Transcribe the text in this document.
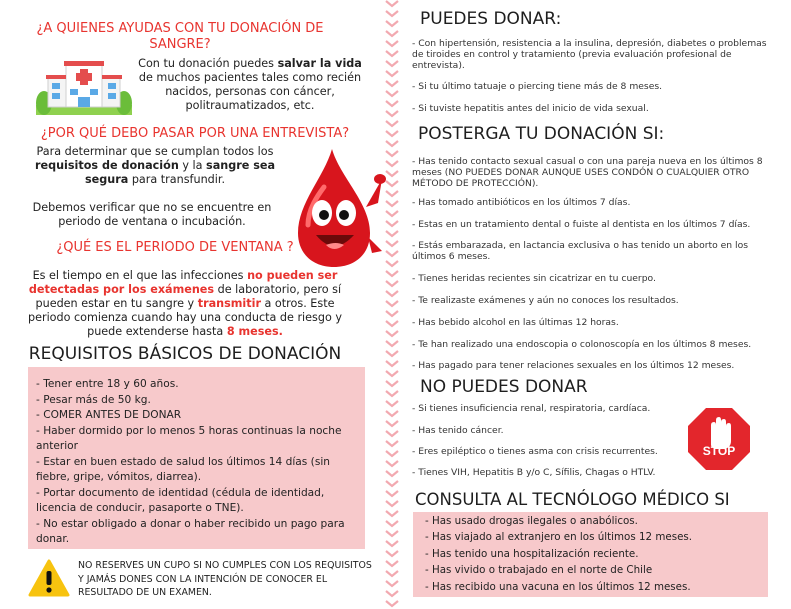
¿A QUIENES AYUDAS CON TU DONACIÓN DE SANGRE?
Con tu donación puedes salvar la vida de muchos pacientes tales como recién nacidos, personas con cáncer, politraumatizados, etc.
¿POR QUÉ DEBO PASAR POR UNA ENTREVISTA?
Para determinar que se cumplan todos los requisitos de donación y la sangre sea segura para transfundir.
Debemos verificar que no se encuentre en periodo de ventana o incubación.
¿QUÉ ES EL PERIODO DE VENTANA ?
Es el tiempo en el que las infecciones no pueden ser detectadas por los exámenes de laboratorio, pero sí pueden estar en tu sangre y transmitir a otros. Este periodo comienza cuando hay una conducta de riesgo y puede extenderse hasta 8 meses.
REQUISITOS BÁSICOS DE DONACIÓN
- Tener entre 18 y 60 años.
- Pesar más de 50 kg.
- COMER ANTES DE DONAR
- Haber dormido por lo menos 5 horas continuas la noche anterior
- Estar en buen estado de salud los últimos 14 días (sin fiebre, gripe, vómitos, diarrea).
- Portar documento de identidad (cédula de identidad, licencia de conducir, pasaporte o TNE).
- No estar obligado a donar o haber recibido un pago para donar.
NO RESERVES UN CUPO SI NO CUMPLES CON LOS REQUISITOS Y JAMÁS DONES CON LA INTENCIÓN DE CONOCER EL RESULTADO DE UN EXAMEN.
PUEDES DONAR:
- Con hipertensión, resistencia a la insulina, depresión, diabetes o problemas de tiroides en control y tratamiento (previa evaluación profesional de entrevista).
- Si tu último tatuaje o piercing tiene más de 8 meses.
- Si tuviste hepatitis antes del inicio de vida sexual.
POSTERGA TU DONACIÓN SI:
- Has tenido contacto sexual casual o con una pareja nueva en los últimos 8 meses (NO PUEDES DONAR AUNQUE USES CONDÓN O CUALQUIER OTRO MÉTODO DE PROTECCIÓN).
- Has tomado antibióticos en los últimos 7 días.
- Estas en un tratamiento dental o fuiste al dentista en los últimos 7 días.
- Estás embarazada, en lactancia exclusiva o has tenido un aborto en los últimos 6 meses.
- Tienes heridas recientes sin cicatrizar en tu cuerpo.
- Te realizaste exámenes y aún no conoces los resultados.
- Has bebido alcohol en las últimas 12 horas.
- Te han realizado una endoscopia o colonoscopía en los últimos 8 meses.
- Has pagado para tener relaciones sexuales en los últimos 12 meses.
NO PUEDES DONAR
- Si tienes insuficiencia renal, respiratoria, cardíaca.
- Has tenido cáncer.
- Eres epiléptico o tienes asma con crisis recurrentes.
- Tienes VIH, Hepatitis B y/o C, Sífilis, Chagas o HTLV.
STOP
CONSULTA AL TECNÓLOGO MÉDICO SI
- Has usado drogas ilegales o anabólicos.
- Has viajado al extranjero en los últimos 12 meses.
- Has tenido una hospitalización reciente.
- Has vivido o trabajado en el norte de Chile
- Has recibido una vacuna en los últimos 12 meses.
